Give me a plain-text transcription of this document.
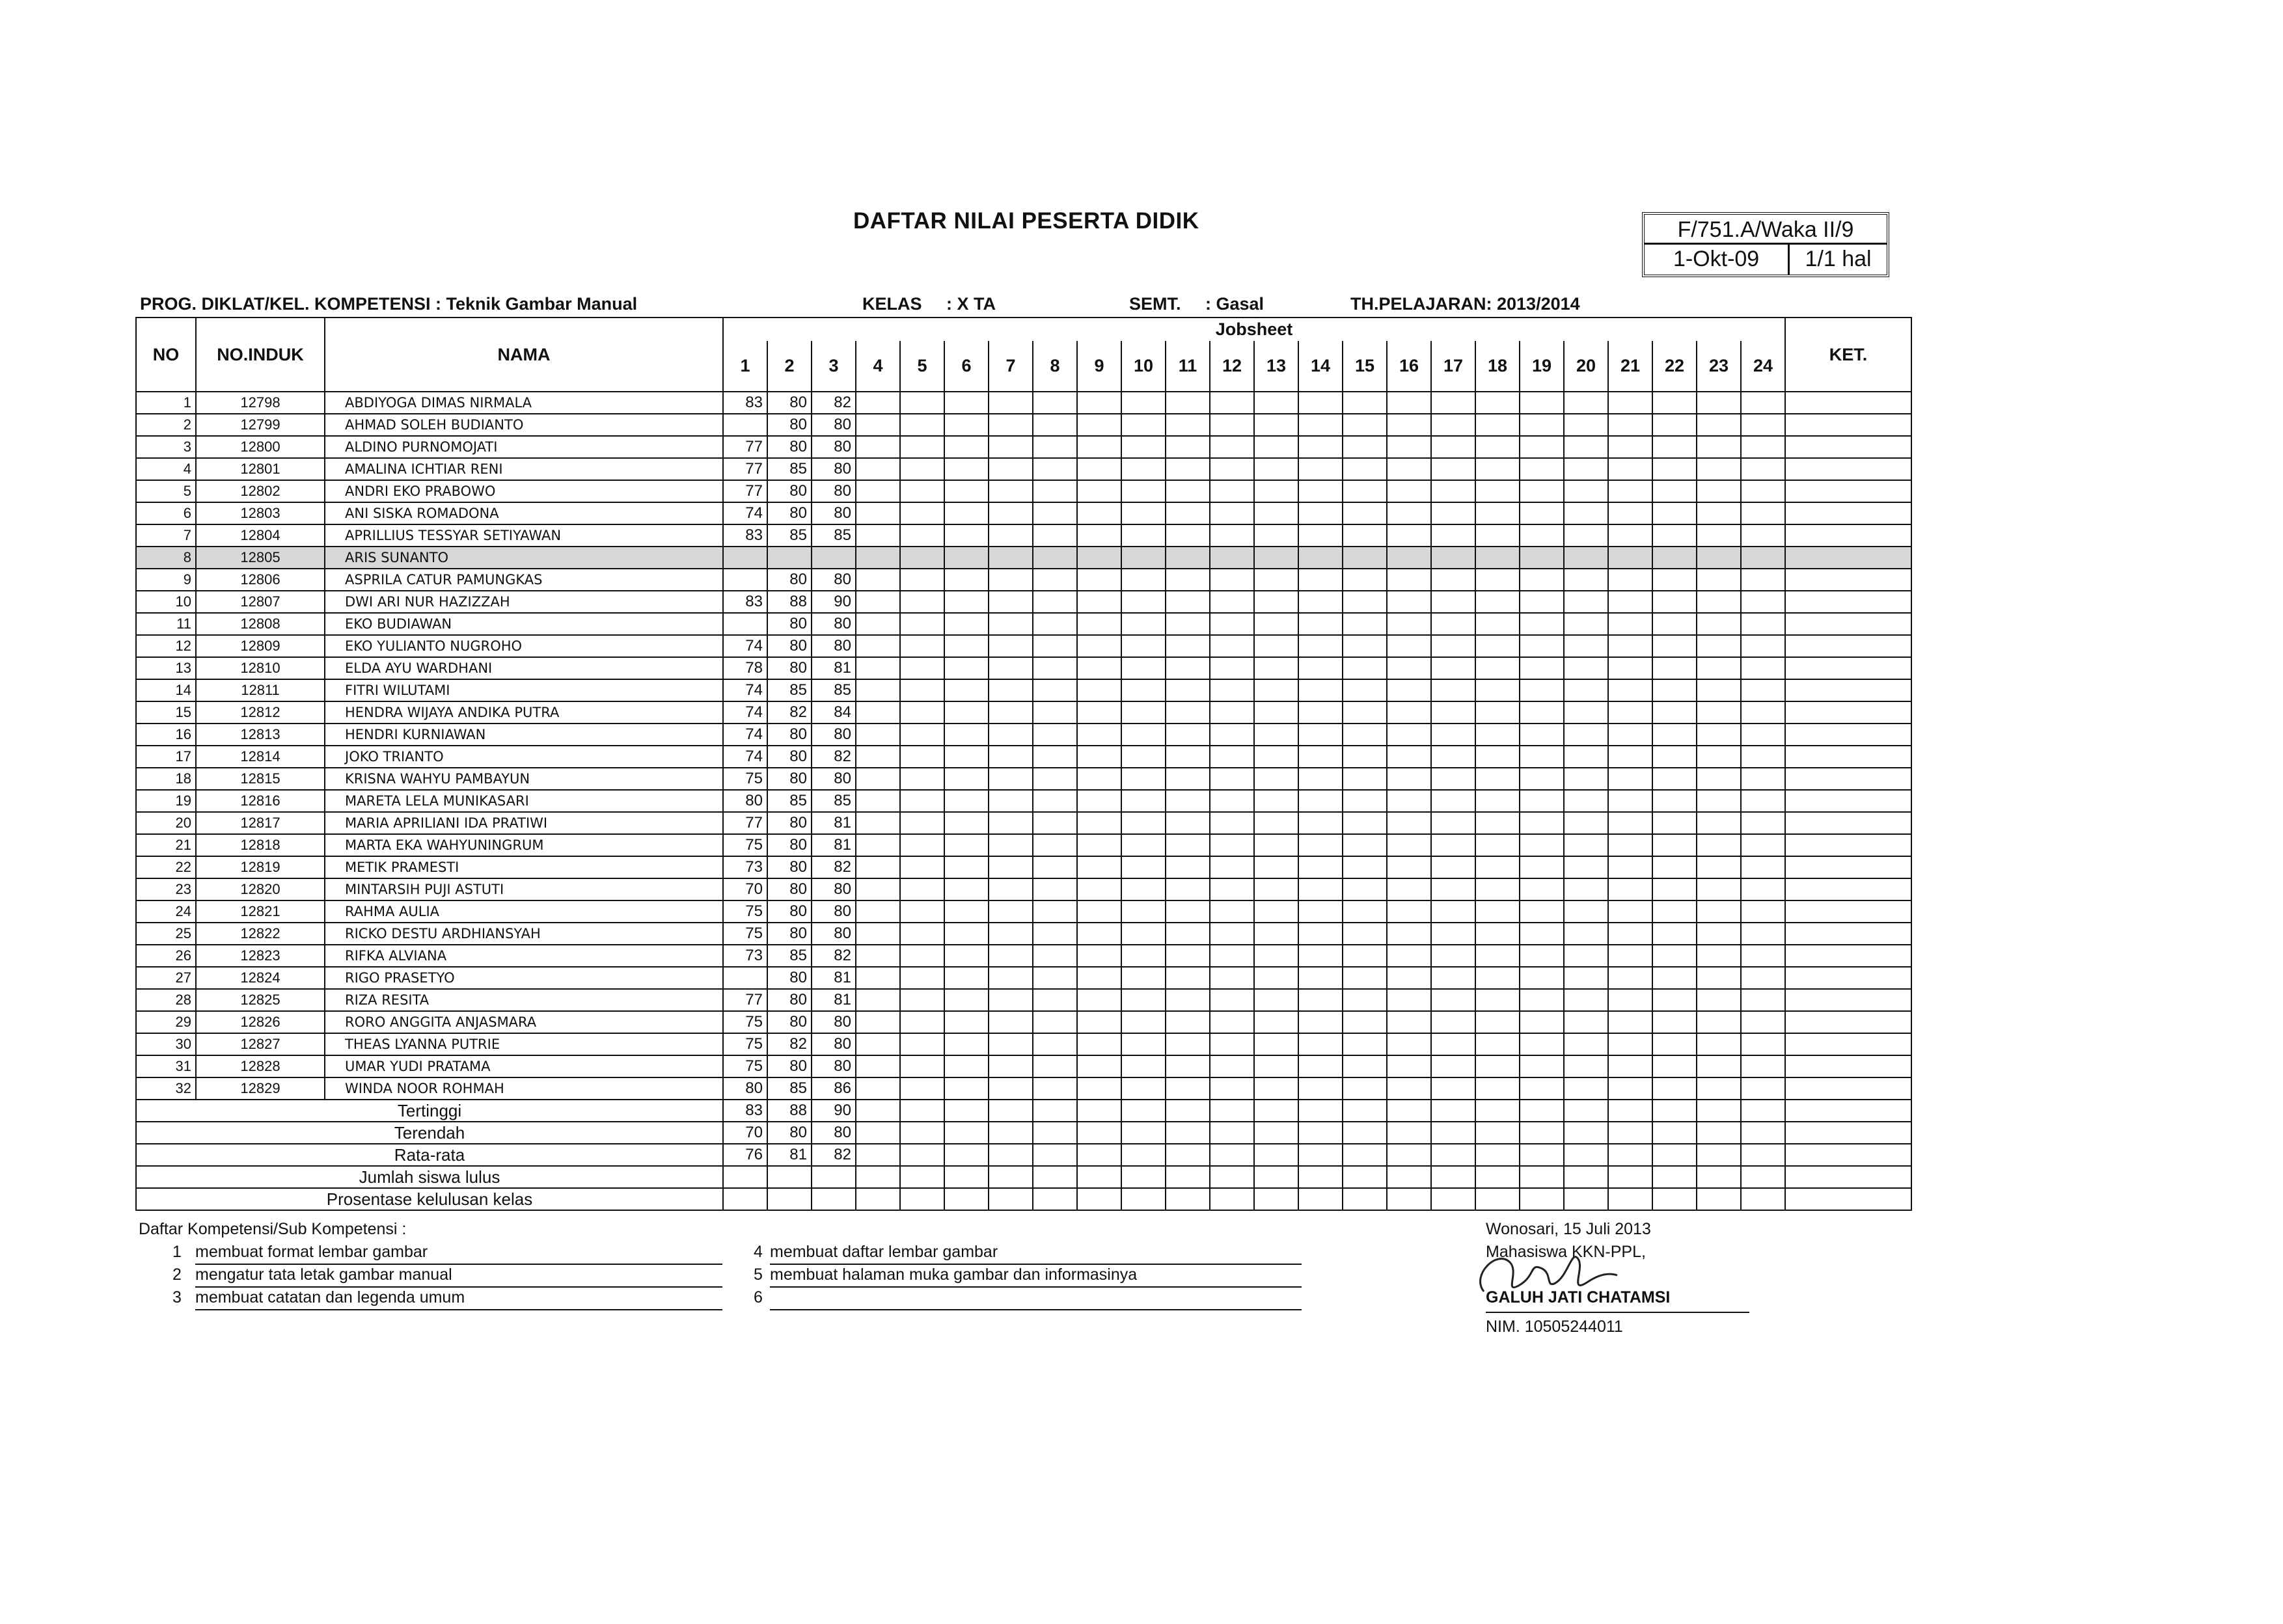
DAFTAR NILAI PESERTA DIDIK	F/751.A/Waka II/9
1-Okt-09	1/1 hal
PROG. DIKLAT/KEL. KOMPETENSI : Teknik Gambar Manual	KELAS     : X TA	SEMT.     : Gasal	TH.PELAJARAN: 2013/2014
NO	NO.INDUK	NAMA	Jobsheet																								KET.
			1	2	3	4	5	6	7	8	9	10	11	12	13	14	15	16	17	18	19	20	21	22	23	24	
1	12798	ABDIYOGA DIMAS NIRMALA	83	80	82																						
2	12799	AHMAD SOLEH BUDIANTO		80	80																						
3	12800	ALDINO PURNOMOJATI	77	80	80																						
4	12801	AMALINA ICHTIAR RENI	77	85	80																						
5	12802	ANDRI EKO PRABOWO	77	80	80																						
6	12803	ANI SISKA ROMADONA	74	80	80																						
7	12804	APRILLIUS TESSYAR SETIYAWAN	83	85	85																						
8	12805	ARIS SUNANTO																									
9	12806	ASPRILA CATUR PAMUNGKAS		80	80																						
10	12807	DWI ARI NUR HAZIZZAH	83	88	90																						
11	12808	EKO BUDIAWAN		80	80																						
12	12809	EKO YULIANTO NUGROHO	74	80	80																						
13	12810	ELDA AYU WARDHANI	78	80	81																						
14	12811	FITRI WILUTAMI	74	85	85																						
15	12812	HENDRA WIJAYA ANDIKA PUTRA	74	82	84																						
16	12813	HENDRI KURNIAWAN	74	80	80																						
17	12814	JOKO TRIANTO	74	80	82																						
18	12815	KRISNA WAHYU PAMBAYUN	75	80	80																						
19	12816	MARETA LELA MUNIKASARI	80	85	85																						
20	12817	MARIA APRILIANI IDA PRATIWI	77	80	81																						
21	12818	MARTA EKA WAHYUNINGRUM	75	80	81																						
22	12819	METIK PRAMESTI	73	80	82																						
23	12820	MINTARSIH PUJI ASTUTI	70	80	80																						
24	12821	RAHMA AULIA	75	80	80																						
25	12822	RICKO DESTU ARDHIANSYAH	75	80	80																						
26	12823	RIFKA ALVIANA	73	85	82																						
27	12824	RIGO PRASETYO		80	81																						
28	12825	RIZA RESITA	77	80	81																						
29	12826	RORO ANGGITA ANJASMARA	75	80	80																						
30	12827	THEAS LYANNA PUTRIE	75	82	80																						
31	12828	UMAR YUDI PRATAMA	75	80	80																						
32	12829	WINDA NOOR ROHMAH	80	85	86																						
Tertinggi			83	88	90																						
Terendah			70	80	80																						
Rata-rata			76	81	82																						
Jumlah siswa lulus																											
Prosentase kelulusan kelas																											
Daftar Kompetensi/Sub Kompetensi :
1 membuat format lembar gambar
2 mengatur tata letak gambar manual
3 membuat catatan dan legenda umum
4 membuat daftar lembar gambar
5 membuat halaman muka gambar dan informasinya
6
Wonosari, 15 Juli 2013
Mahasiswa KKN-PPL,
GALUH JATI CHATAMSI
NIM. 10505244011
